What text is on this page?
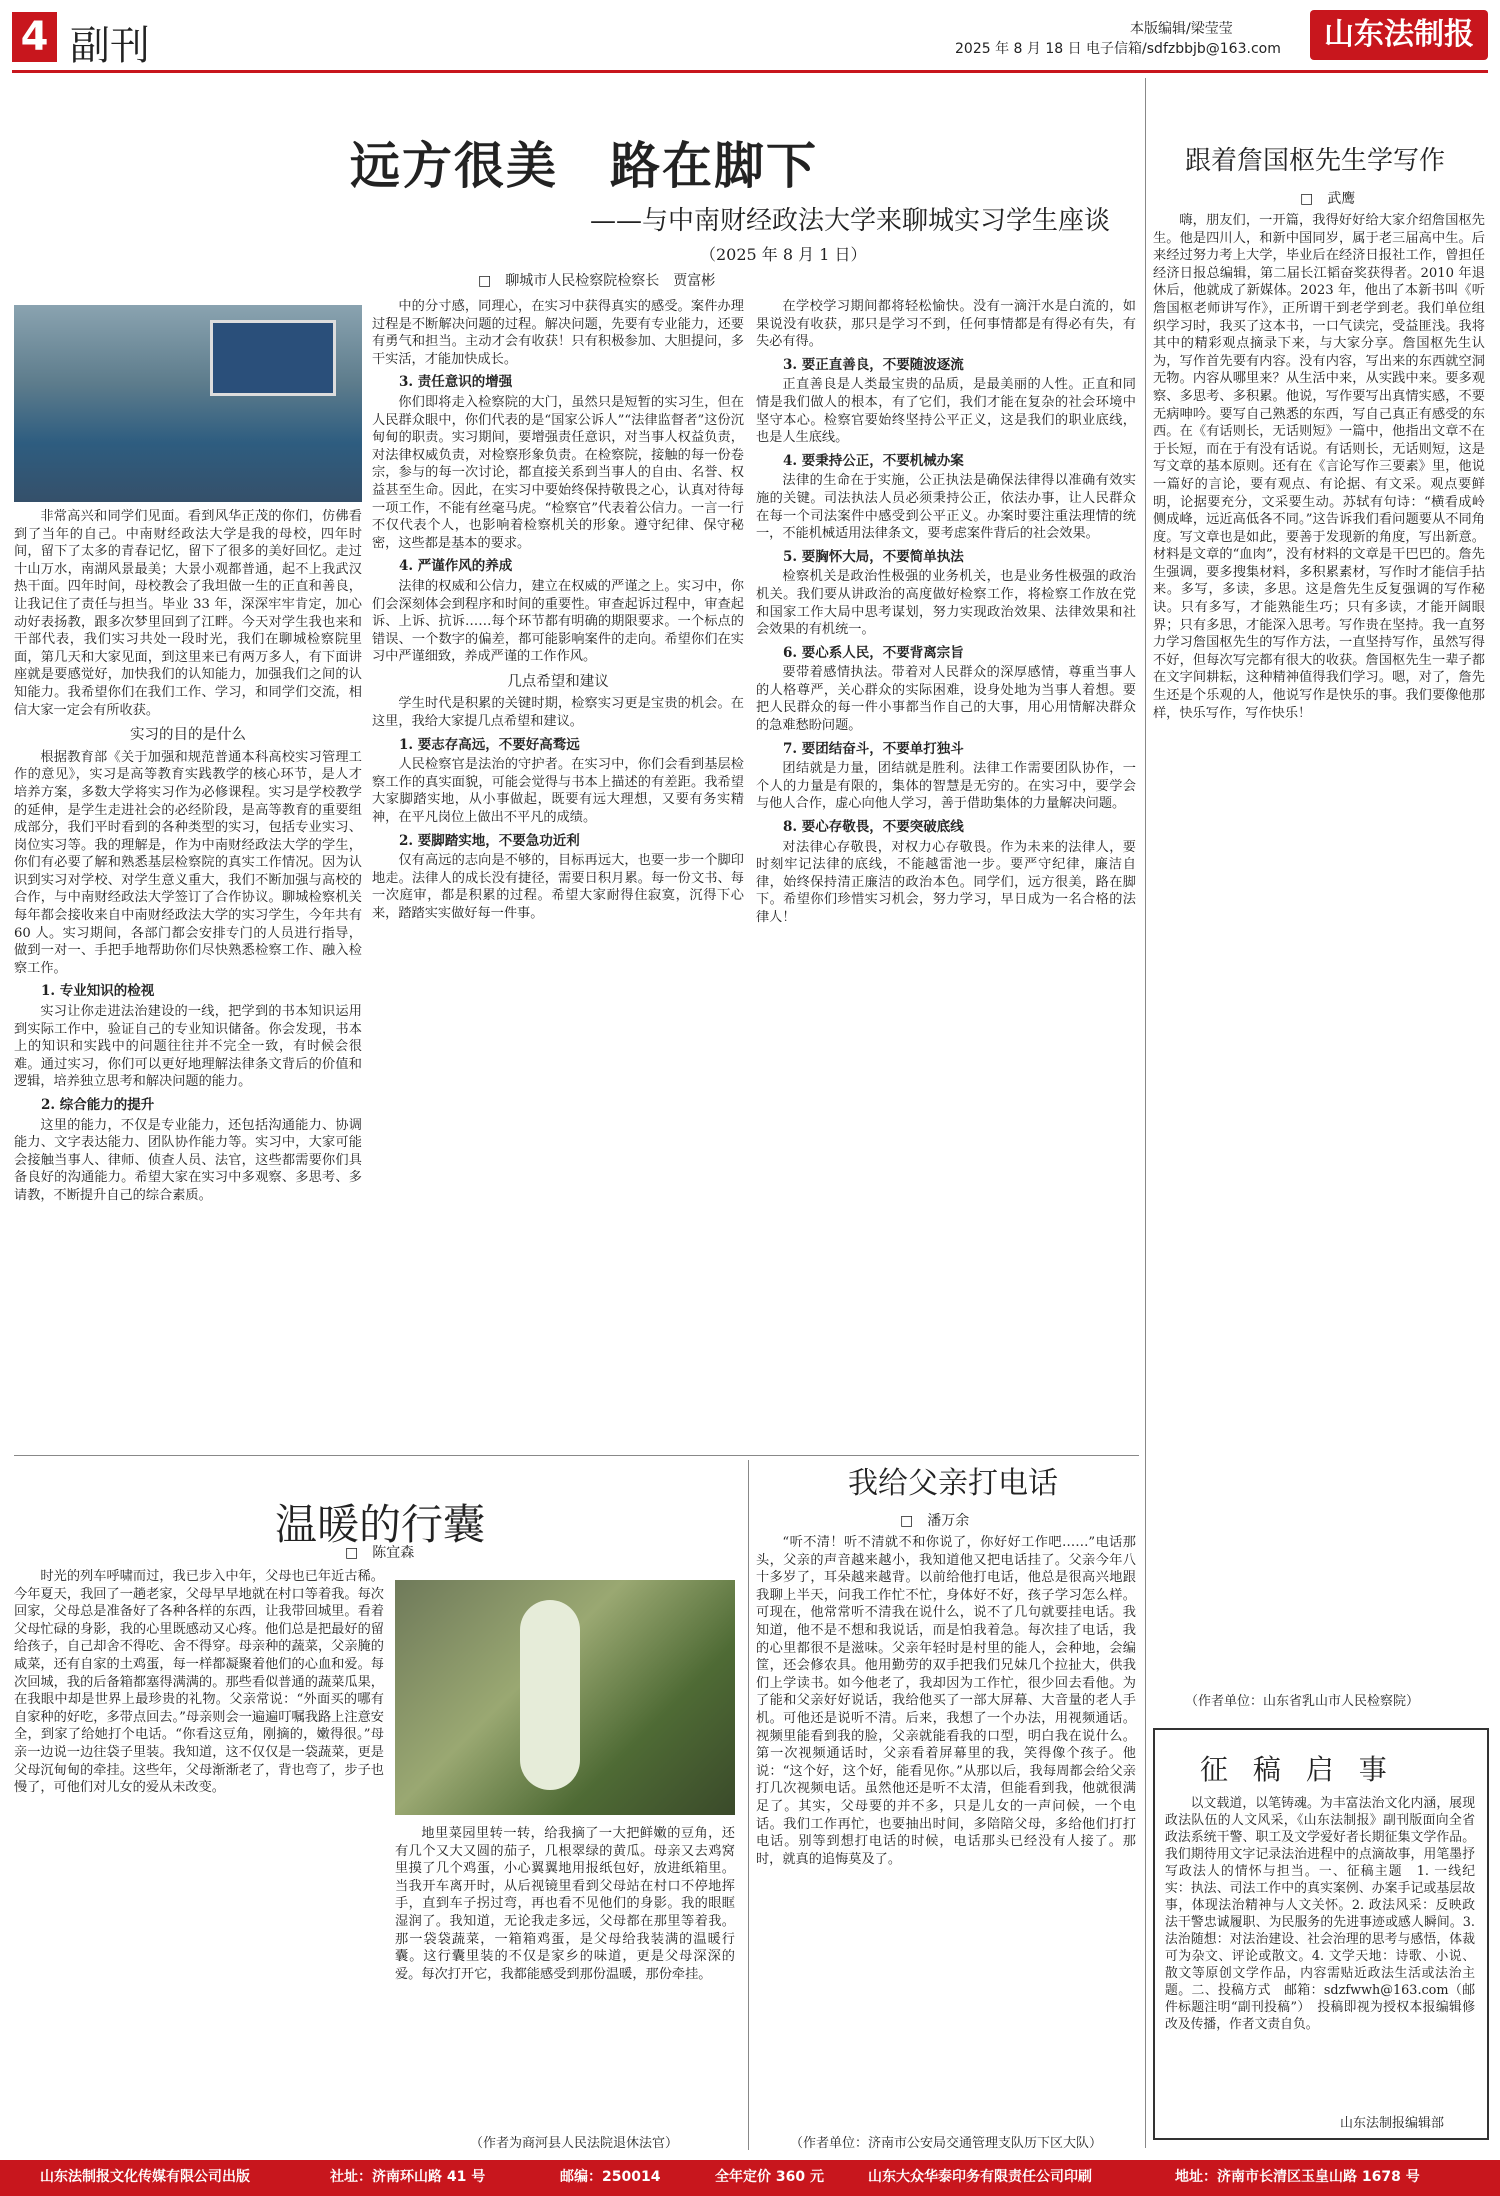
4 副刊	本版编辑/梁莹莹
2025 年 8 月 18 日 电子信箱/sdfzbbjb@163.com	山东法制报
远方很美　路在脚下
——与中南财经政法大学来聊城实习学生座谈
（2025 年 8 月 1 日）
□　聊城市人民检察院检察长　贾富彬

非常高兴和同学们见面。看到风华正茂的你们，仿佛看到了当年的自己。中南财经政法大学是我的母校，四年时间，留下了太多的青春记忆，留下了很多的美好回忆。走过十山万水，南湖风景最美；大景小观都普通，起不上我武汉热干面。四年时间，母校教会了我坦做一生的正直和善良，让我记住了责任与担当。毕业 33 年，深深牢牢肯定，加心动好表扬教，跟多次梦里回到了江畔。今天对学生我也来和干部代表，我们实习共处一段时光，我们在聊城检察院里面，第几天和大家见面，到这里来已有两万多人，有下面讲座就是要感觉好，加快我们的认知能力，加强我们之间的认知能力。我希望你们在我们工作、学习，和同学们交流，相信大家一定会有所收获。

实习的目的是什么

根据教育部《关于加强和规范普通本科高校实习管理工作的意见》，实习是高等教育实践教学的核心环节，是人才培养方案，多数大学将实习作为必修课程。实习是学校教学的延伸，是学生走进社会的必经阶段，是高等教育的重要组成部分，我们平时看到的各种类型的实习，包括专业实习、岗位实习等。我的理解是，作为中南财经政法大学的学生，你们有必要了解和熟悉基层检察院的真实工作情况。因为认识到实习对学校、对学生意义重大，我们不断加强与高校的合作，与中南财经政法大学签订了合作协议。聊城检察机关每年都会接收来自中南财经政法大学的实习学生，今年共有 60 人。实习期间，各部门都会安排专门的人员进行指导，做到一对一、手把手地帮助你们尽快熟悉检察工作、融入检察工作。

1. 专业知识的检视

实习让你走进法治建设的一线，把学到的书本知识运用到实际工作中，验证自己的专业知识储备。你会发现，书本上的知识和实践中的问题往往并不完全一致，有时候会很难。通过实习，你们可以更好地理解法律条文背后的价值和逻辑，培养独立思考和解决问题的能力。

2. 综合能力的提升

这里的能力，不仅是专业能力，还包括沟通能力、协调能力、文字表达能力、团队协作能力等。实习中，大家可能会接触当事人、律师、侦查人员、法官，这些都需要你们具备良好的沟通能力。希望大家在实习中多观察、多思考、多请教，不断提升自己的综合素质。

中的分寸感，同理心，在实习中获得真实的感受。案件办理过程是不断解决问题的过程。解决问题，先要有专业能力，还要有勇气和担当。主动才会有收获！只有积极参加、大胆提问，多干实活，才能加快成长。

3. 责任意识的增强

你们即将走入检察院的大门，虽然只是短暂的实习生，但在人民群众眼中，你们代表的是“国家公诉人”“法律监督者”这份沉甸甸的职责。实习期间，要增强责任意识，对当事人权益负责，对法律权威负责，对检察形象负责。在检察院，接触的每一份卷宗，参与的每一次讨论，都直接关系到当事人的自由、名誉、权益甚至生命。因此，在实习中要始终保持敬畏之心，认真对待每一项工作，不能有丝毫马虎。“检察官”代表着公信力。一言一行不仅代表个人，也影响着检察机关的形象。遵守纪律、保守秘密，这些都是基本的要求。

4. 严谨作风的养成

法律的权威和公信力，建立在权威的严谨之上。实习中，你们会深刻体会到程序和时间的重要性。审查起诉过程中，审查起诉、上诉、抗诉……每个环节都有明确的期限要求。一个标点的错误、一个数字的偏差，都可能影响案件的走向。希望你们在实习中严谨细致，养成严谨的工作作风。

几点希望和建议

学生时代是积累的关键时期，检察实习更是宝贵的机会。在这里，我给大家提几点希望和建议。

1. 要志存高远，不要好高骛远

人民检察官是法治的守护者。在实习中，你们会看到基层检察工作的真实面貌，可能会觉得与书本上描述的有差距。我希望大家脚踏实地，从小事做起，既要有远大理想，又要有务实精神，在平凡岗位上做出不平凡的成绩。

2. 要脚踏实地，不要急功近利

仅有高远的志向是不够的，目标再远大，也要一步一个脚印地走。法律人的成长没有捷径，需要日积月累。每一份文书、每一次庭审，都是积累的过程。希望大家耐得住寂寞，沉得下心来，踏踏实实做好每一件事。

在学校学习期间都将轻松愉快。没有一滴汗水是白流的，如果说没有收获，那只是学习不到，任何事情都是有得必有失，有失必有得。

3. 要正直善良，不要随波逐流

正直善良是人类最宝贵的品质，是最美丽的人性。正直和同情是我们做人的根本，有了它们，我们才能在复杂的社会环境中坚守本心。检察官要始终坚持公平正义，这是我们的职业底线，也是人生底线。

4. 要秉持公正，不要机械办案

法律的生命在于实施，公正执法是确保法律得以准确有效实施的关键。司法执法人员必须秉持公正，依法办事，让人民群众在每一个司法案件中感受到公平正义。办案时要注重法理情的统一，不能机械适用法律条文，要考虑案件背后的社会效果。

5. 要胸怀大局，不要简单执法

检察机关是政治性极强的业务机关，也是业务性极强的政治机关。我们要从讲政治的高度做好检察工作，将检察工作放在党和国家工作大局中思考谋划，努力实现政治效果、法律效果和社会效果的有机统一。

6. 要心系人民，不要背离宗旨

要带着感情执法。带着对人民群众的深厚感情，尊重当事人的人格尊严，关心群众的实际困难，设身处地为当事人着想。要把人民群众的每一件小事都当作自己的大事，用心用情解决群众的急难愁盼问题。

7. 要团结奋斗，不要单打独斗

团结就是力量，团结就是胜利。法律工作需要团队协作，一个人的力量是有限的，集体的智慧是无穷的。在实习中，要学会与他人合作，虚心向他人学习，善于借助集体的力量解决问题。

8. 要心存敬畏，不要突破底线

对法律心存敬畏，对权力心存敬畏。作为未来的法律人，要时刻牢记法律的底线，不能越雷池一步。要严守纪律，廉洁自律，始终保持清正廉洁的政治本色。同学们，远方很美，路在脚下。希望你们珍惜实习机会，努力学习，早日成为一名合格的法律人！

跟着詹国枢先生学写作
□　武鹰

嗨，朋友们，一开篇，我得好好给大家介绍詹国枢先生。他是四川人，和新中国同岁，属于老三届高中生。后来经过努力考上大学，毕业后在经济日报社工作，曾担任经济日报总编辑，第二届长江韬奋奖获得者。2010 年退休后，他就成了新媒体。2023 年，他出了本新书叫《听詹国枢老师讲写作》，正所谓干到老学到老。我们单位组织学习时，我买了这本书，一口气读完，受益匪浅。我将其中的精彩观点摘录下来，与大家分享。詹国枢先生认为，写作首先要有内容。没有内容，写出来的东西就空洞无物。内容从哪里来？从生活中来，从实践中来。要多观察、多思考、多积累。他说，写作要写出真情实感，不要无病呻吟。要写自己熟悉的东西，写自己真正有感受的东西。在《有话则长，无话则短》一篇中，他指出文章不在于长短，而在于有没有话说。有话则长，无话则短，这是写文章的基本原则。还有在《言论写作三要素》里，他说一篇好的言论，要有观点、有论据、有文采。观点要鲜明，论据要充分，文采要生动。苏轼有句诗：“横看成岭侧成峰，远近高低各不同。”这告诉我们看问题要从不同角度。写文章也是如此，要善于发现新的角度，写出新意。材料是文章的“血肉”，没有材料的文章是干巴巴的。詹先生强调，要多搜集材料，多积累素材，写作时才能信手拈来。多写，多读，多思。这是詹先生反复强调的写作秘诀。只有多写，才能熟能生巧；只有多读，才能开阔眼界；只有多思，才能深入思考。写作贵在坚持。我一直努力学习詹国枢先生的写作方法，一直坚持写作，虽然写得不好，但每次写完都有很大的收获。詹国枢先生一辈子都在文字间耕耘，这种精神值得我们学习。嗯，对了，詹先生还是个乐观的人，他说写作是快乐的事。我们要像他那样，快乐写作，写作快乐！

（作者单位：山东省乳山市人民检察院）
温暖的行囊
□　陈宜森

时光的列车呼啸而过，我已步入中年，父母也已年近古稀。今年夏天，我回了一趟老家，父母早早地就在村口等着我。每次回家，父母总是准备好了各种各样的东西，让我带回城里。看着父母忙碌的身影，我的心里既感动又心疼。他们总是把最好的留给孩子，自己却舍不得吃、舍不得穿。母亲种的蔬菜，父亲腌的咸菜，还有自家的土鸡蛋，每一样都凝聚着他们的心血和爱。每次回城，我的后备箱都塞得满满的。那些看似普通的蔬菜瓜果，在我眼中却是世界上最珍贵的礼物。父亲常说：“外面买的哪有自家种的好吃，多带点回去。”母亲则会一遍遍叮嘱我路上注意安全，到家了给她打个电话。“你看这豆角，刚摘的，嫩得很。”母亲一边说一边往袋子里装。我知道，这不仅仅是一袋蔬菜，更是父母沉甸甸的牵挂。这些年，父母渐渐老了，背也弯了，步子也慢了，可他们对儿女的爱从未改变。

地里菜园里转一转，给我摘了一大把鲜嫩的豆角，还有几个又大又圆的茄子，几根翠绿的黄瓜。母亲又去鸡窝里摸了几个鸡蛋，小心翼翼地用报纸包好，放进纸箱里。当我开车离开时，从后视镜里看到父母站在村口不停地挥手，直到车子拐过弯，再也看不见他们的身影。我的眼眶湿润了。我知道，无论我走多远，父母都在那里等着我。那一袋袋蔬菜，一箱箱鸡蛋，是父母给我装满的温暖行囊。这行囊里装的不仅是家乡的味道，更是父母深深的爱。每次打开它，我都能感受到那份温暖，那份牵挂。

（作者为商河县人民法院退休法官）
我给父亲打电话
□　潘万余

“听不清！听不清就不和你说了，你好好工作吧……”电话那头，父亲的声音越来越小，我知道他又把电话挂了。父亲今年八十多岁了，耳朵越来越背。以前给他打电话，他总是很高兴地跟我聊上半天，问我工作忙不忙，身体好不好，孩子学习怎么样。可现在，他常常听不清我在说什么，说不了几句就要挂电话。我知道，他不是不想和我说话，而是怕我着急。每次挂了电话，我的心里都很不是滋味。父亲年轻时是村里的能人，会种地，会编筐，还会修农具。他用勤劳的双手把我们兄妹几个拉扯大，供我们上学读书。如今他老了，我却因为工作忙，很少回去看他。为了能和父亲好好说话，我给他买了一部大屏幕、大音量的老人手机。可他还是说听不清。后来，我想了一个办法，用视频通话。视频里能看到我的脸，父亲就能看我的口型，明白我在说什么。第一次视频通话时，父亲看着屏幕里的我，笑得像个孩子。他说：“这个好，这个好，能看见你。”从那以后，我每周都会给父亲打几次视频电话。虽然他还是听不太清，但能看到我，他就很满足了。其实，父母要的并不多，只是儿女的一声问候，一个电话。我们工作再忙，也要抽出时间，多陪陪父母，多给他们打打电话。别等到想打电话的时候，电话那头已经没有人接了。那时，就真的追悔莫及了。

（作者单位：济南市公安局交通管理支队历下区大队）
征 稿 启 事

以文载道，以笔铸魂。为丰富法治文化内涵，展现政法队伍的人文风采，《山东法制报》副刊版面向全省政法系统干警、职工及文学爱好者长期征集文学作品。我们期待用文字记录法治进程中的点滴故事，用笔墨抒写政法人的情怀与担当。一、征稿主题　1. 一线纪实：执法、司法工作中的真实案例、办案手记或基层故事，体现法治精神与人文关怀。2. 政法风采：反映政法干警忠诚履职、为民服务的先进事迹或感人瞬间。3. 法治随想：对法治建设、社会治理的思考与感悟，体裁可为杂文、评论或散文。4. 文学天地：诗歌、小说、散文等原创文学作品，内容需贴近政法生活或法治主题。二、投稿方式　邮箱：sdzfwwh@163.com（邮件标题注明“副刊投稿”）　投稿即视为授权本报编辑修改及传播，作者文责自负。

山东法制报编辑部
山东法制报文化传媒有限公司出版	社址：济南环山路 41 号	邮编：250014	全年定价 360 元	山东大众华泰印务有限责任公司印刷	地址：济南市长清区玉皇山路 1678 号
